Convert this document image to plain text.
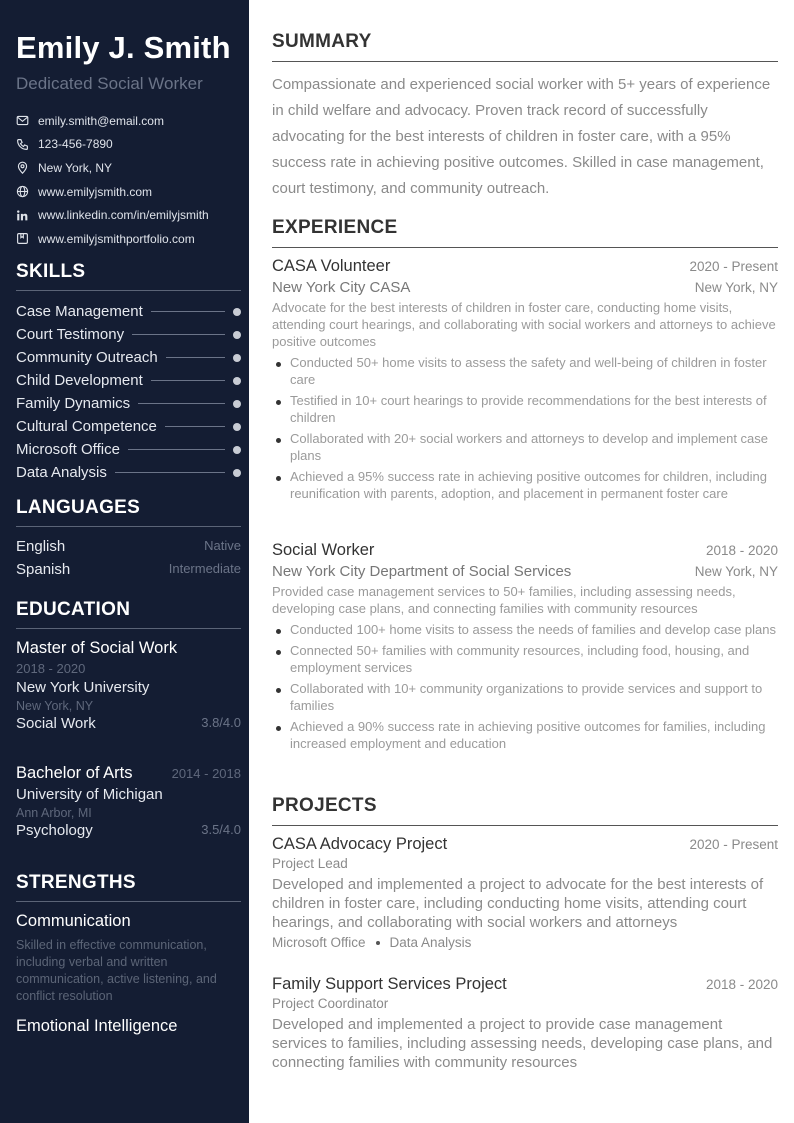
Emily J. Smith
Dedicated Social Worker
emily.smith@email.com
123-456-7890
New York, NY
www.emilyjsmith.com
www.linkedin.com/in/emilyjsmith
www.emilyjsmithportfolio.com
SKILLS
Case Management
Court Testimony
Community Outreach
Child Development
Family Dynamics
Cultural Competence
Microsoft Office
Data Analysis
LANGUAGES
English	Native
Spanish	Intermediate
EDUCATION
Master of Social Work
2018 - 2020
New York University
New York, NY
Social Work	3.8/4.0
Bachelor of Arts	2014 - 2018
University of Michigan
Ann Arbor, MI
Psychology	3.5/4.0
STRENGTHS
Communication
Skilled in effective communication, including verbal and written communication, active listening, and conflict resolution
Emotional Intelligence
SUMMARY

Compassionate and experienced social worker with 5+ years of experience in child welfare and advocacy. Proven track record of successfully advocating for the best interests of children in foster care, with a 95% success rate in achieving positive outcomes. Skilled in case management, court testimony, and community outreach.

EXPERIENCE
CASA Volunteer	2020 - Present
New York City CASA	New York, NY

Advocate for the best interests of children in foster care, conducting home visits, attending court hearings, and collaborating with social workers and attorneys to achieve positive outcomes

Conducted 50+ home visits to assess the safety and well-being of children in foster care
Testified in 10+ court hearings to provide recommendations for the best interests of children
Collaborated with 20+ social workers and attorneys to develop and implement case plans
Achieved a 95% success rate in achieving positive outcomes for children, including reunification with parents, adoption, and placement in permanent foster care
Social Worker	2018 - 2020
New York City Department of Social Services	New York, NY

Provided case management services to 50+ families, including assessing needs, developing case plans, and connecting families with community resources

Conducted 100+ home visits to assess the needs of families and develop case plans
Connected 50+ families with community resources, including food, housing, and employment services
Collaborated with 10+ community organizations to provide services and support to families
Achieved a 90% success rate in achieving positive outcomes for families, including increased employment and education
PROJECTS
CASA Advocacy Project	2020 - Present
Project Lead

Developed and implemented a project to advocate for the best interests of children in foster care, including conducting home visits, attending court hearings, and collaborating with social workers and attorneys

Microsoft Office Data Analysis
Family Support Services Project	2018 - 2020
Project Coordinator

Developed and implemented a project to provide case management services to families, including assessing needs, developing case plans, and connecting families with community resources
